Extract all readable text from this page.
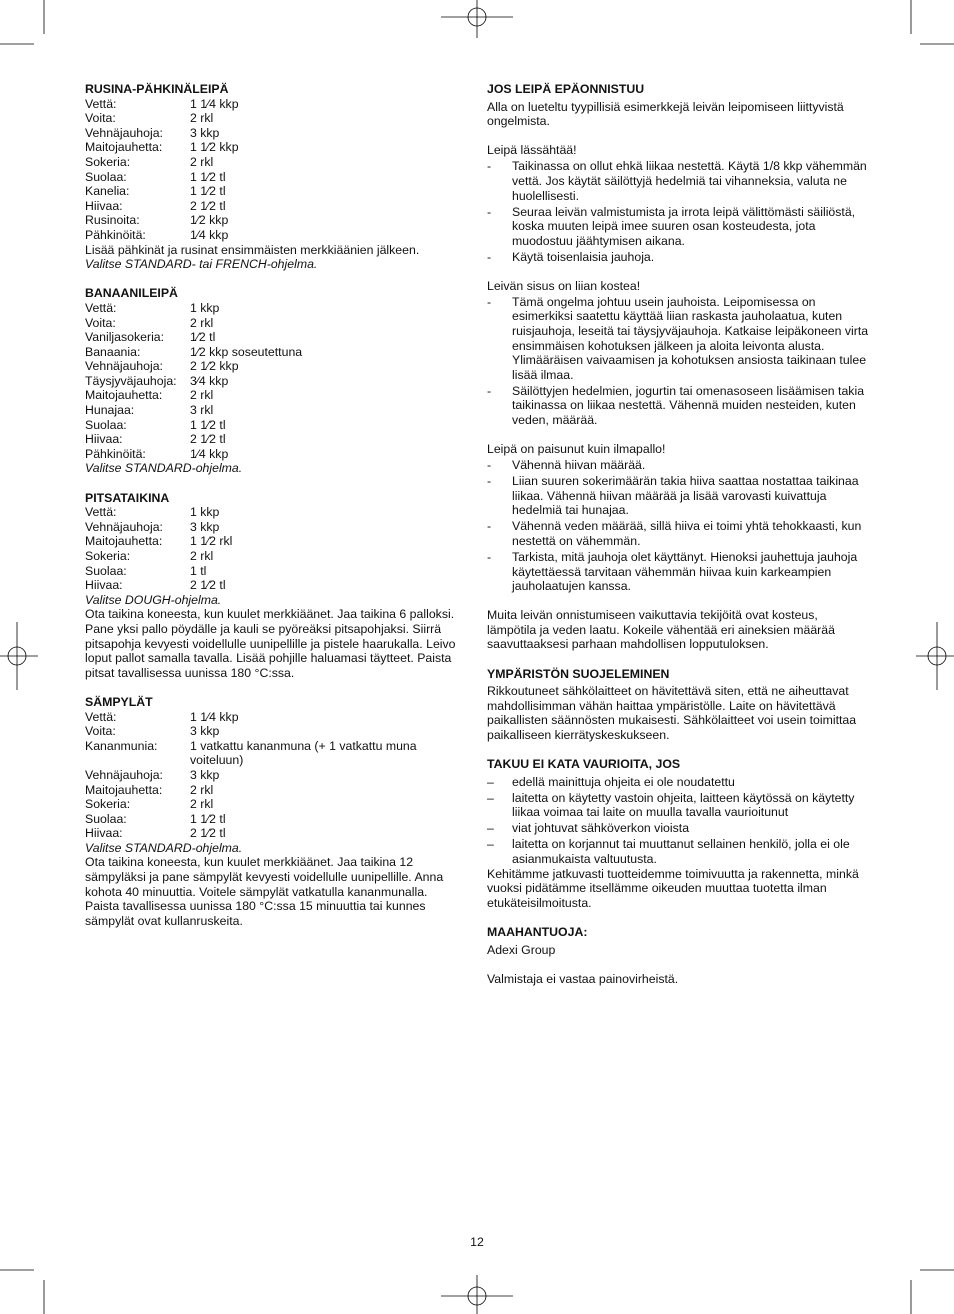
RUSINA-PÄHKINÄLEIPÄ
Vettä:	1 1⁄4 kkp
Voita:	2 rkl
Vehnäjauhoja:	3 kkp
Maitojauhetta:	1 1⁄2 kkp
Sokeria:	2 rkl
Suolaa:	1 1⁄2 tl
Kanelia:	1 1⁄2 tl
Hiivaa:	2 1⁄2 tl
Rusinoita:	1⁄2 kkp
Pähkinöitä:	1⁄4 kkp

Lisää pähkinät ja rusinat ensimmäisten merkkiäänien jälkeen.

Valitse STANDARD- tai FRENCH-ohjelma.

BANAANILEIPÄ
Vettä:	1 kkp
Voita:	2 rkl
Vaniljasokeria:	1⁄2 tl
Banaania:	1⁄2 kkp soseutettuna
Vehnäjauhoja:	2 1⁄2 kkp
Täysjyväjauhoja:	3⁄4 kkp
Maitojauhetta:	2 rkl
Hunajaa:	3 rkl
Suolaa:	1 1⁄2 tl
Hiivaa:	2 1⁄2 tl
Pähkinöitä:	1⁄4 kkp

Valitse STANDARD-ohjelma.

PITSATAIKINA
Vettä:	1 kkp
Vehnäjauhoja:	3 kkp
Maitojauhetta:	1 1⁄2 rkl
Sokeria:	2 rkl
Suolaa:	1 tl
Hiivaa:	2 1⁄2 tl

Valitse DOUGH-ohjelma.

Ota taikina koneesta, kun kuulet merkkiäänet. Jaa taikina 6 palloksi. Pane yksi pallo pöydälle ja kauli se pyöreäksi pitsapohjaksi. Siirrä pitsapohja kevyesti voidellulle uunipellille ja pistele haarukalla. Leivo loput pallot samalla tavalla. Lisää pohjille haluamasi täytteet. Paista pitsat tavallisessa uunissa 180 °C:ssa.

SÄMPYLÄT
Vettä:	1 1⁄4 kkp
Voita:	3 kkp
Kananmunia:	1 vatkattu kananmuna (+ 1 vatkattu muna voiteluun)
Vehnäjauhoja:	3 kkp
Maitojauhetta:	2 rkl
Sokeria:	2 rkl
Suolaa:	1 1⁄2 tl
Hiivaa:	2 1⁄2 tl

Valitse STANDARD-ohjelma.

Ota taikina koneesta, kun kuulet merkkiäänet. Jaa taikina 12 sämpyläksi ja pane sämpylät kevyesti voidellulle uunipellille. Anna kohota 40 minuuttia. Voitele sämpylät vatkatulla kananmunalla. Paista tavallisessa uunissa 180 °C:ssa 15 minuuttia tai kunnes sämpylät ovat kullanruskeita.

JOS LEIPÄ EPÄONNISTUU

Alla on lueteltu tyypillisiä esimerkkejä leivän leipomiseen liittyvistä ongelmista.

Leipä lässähtää!
-	Taikinassa on ollut ehkä liikaa nestettä. Käytä 1/8 kkp vähemmän vettä. Jos käytät säilöttyjä hedelmiä tai vihanneksia, valuta ne huolellisesti.
-	Seuraa leivän valmistumista ja irrota leipä välittömästi säiliöstä, koska muuten leipä imee suuren osan kosteudesta, jota muodostuu jäähtymisen aikana.
-	Käytä toisenlaisia jauhoja.
Leivän sisus on liian kostea!
-	Tämä ongelma johtuu usein jauhoista. Leipomisessa on esimerkiksi saatettu käyttää liian raskasta jauholaatua, kuten ruisjauhoja, leseitä tai täysjyväjauhoja. Katkaise leipäkoneen virta ensimmäisen kohotuksen jälkeen ja aloita leivonta alusta. Ylimääräisen vaivaamisen ja kohotuksen ansiosta taikinaan tulee lisää ilmaa.
-	Säilöttyjen hedelmien, jogurtin tai omenasoseen lisäämisen takia taikinassa on liikaa nestettä. Vähennä muiden nesteiden, kuten veden, määrää.
Leipä on paisunut kuin ilmapallo!
-	Vähennä hiivan määrää.
-	Liian suuren sokerimäärän takia hiiva saattaa nostattaa taikinaa liikaa. Vähennä hiivan määrää ja lisää varovasti kuivattuja hedelmiä tai hunajaa.
-	Vähennä veden määrää, sillä hiiva ei toimi yhtä tehokkaasti, kun nestettä on vähemmän.
-	Tarkista, mitä jauhoja olet käyttänyt. Hienoksi jauhettuja jauhoja käytettäessä tarvitaan vähemmän hiivaa kuin karkeampien jauholaatujen kanssa.

Muita leivän onnistumiseen vaikuttavia tekijöitä ovat kosteus, lämpötila ja veden laatu. Kokeile vähentää eri aineksien määrää saavuttaaksesi parhaan mahdollisen lopputuloksen.

YMPÄRISTÖN SUOJELEMINEN

Rikkoutuneet sähkölaitteet on hävitettävä siten, että ne aiheuttavat mahdollisimman vähän haittaa ympäristölle. Laite on hävitettävä paikallisten säännösten mukaisesti. Sähkölaitteet voi usein toimittaa paikalliseen kierrätyskeskukseen.

TAKUU EI KATA VAURIOITA, JOS
–	edellä mainittuja ohjeita ei ole noudatettu
–	laitetta on käytetty vastoin ohjeita, laitteen käytössä on käytetty liikaa voimaa tai laite on muulla tavalla vaurioitunut
–	viat johtuvat sähköverkon vioista
–	laitetta on korjannut tai muuttanut sellainen henkilö, jolla ei ole asianmukaista valtuutusta.

Kehitämme jatkuvasti tuotteidemme toimivuutta ja rakennetta, minkä vuoksi pidätämme itsellämme oikeuden muuttaa tuotetta ilman etukäteisilmoitusta.

MAAHANTUOJA:

Adexi Group

Valmistaja ei vastaa painovirheistä.

12
